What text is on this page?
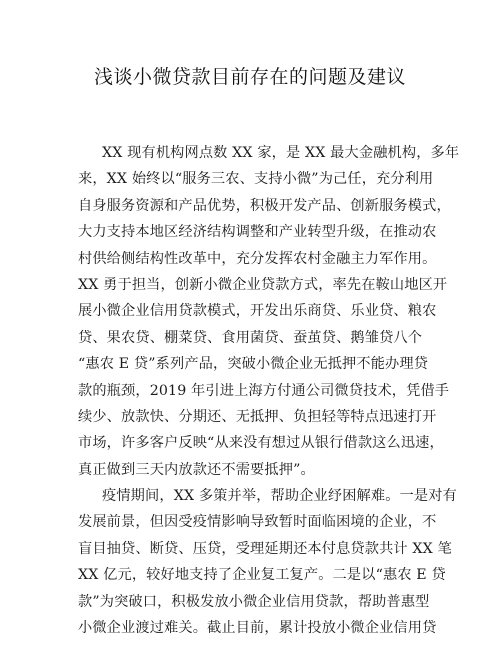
浅谈小微贷款目前存在的问题及建议
XX 现有机构网点数 XX 家，是 XX 最大金融机构，多年
来，XX 始终以“服务三农、支持小微”为己任，充分利用
自身服务资源和产品优势，积极开发产品、创新服务模式，
大力支持本地区经济结构调整和产业转型升级，在推动农
村供给侧结构性改革中，充分发挥农村金融主力军作用。
XX 勇于担当，创新小微企业贷款方式，率先在鞍山地区开
展小微企业信用贷款模式，开发出乐商贷、乐业贷、粮农
贷、果农贷、棚菜贷、食用菌贷、蚕茧贷、鹅雏贷八个
“惠农 E 贷”系列产品，突破小微企业无抵押不能办理贷
款的瓶颈，2019 年引进上海方付通公司微贷技术，凭借手
续少、放款快、分期还、无抵押、负担轻等特点迅速打开
市场，许多客户反映“从来没有想过从银行借款这么迅速，
真正做到三天内放款还不需要抵押”。
疫情期间，XX 多策并举，帮助企业纾困解难。一是对有
发展前景，但因受疫情影响导致暂时面临困境的企业，不
盲目抽贷、断贷、压贷，受理延期还本付息贷款共计 XX 笔
XX 亿元，较好地支持了企业复工复产。二是以“惠农 E 贷
款”为突破口，积极发放小微企业信用贷款，帮助普惠型
小微企业渡过难关。截止目前，累计投放小微企业信用贷
